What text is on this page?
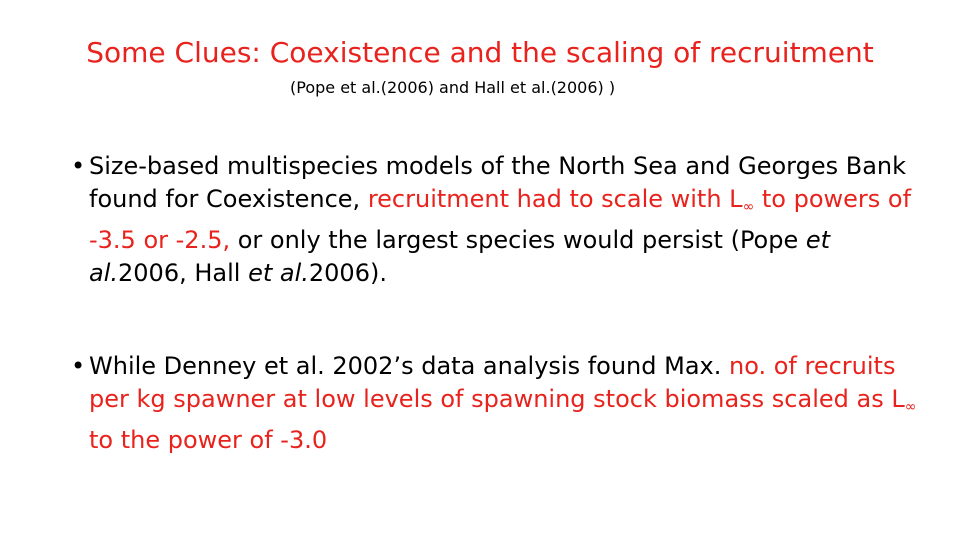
Some Clues: Coexistence and the scaling of recruitment

(Pope et al.(2006) and Hall et al.(2006) )

• Size-based multispecies models of the North Sea and Georges Bank found for Coexistence, recruitment had to scale with $L_\infty$ to powers of -3.5 or -2.5, or only the largest species would persist (Pope et al.2006, Hall et al.2006).
• While Denney et al. 2002’s data analysis found Max. no. of recruits per kg spawner at low levels of spawning stock biomass scaled as $L_\infty$ to the power of -3.0
